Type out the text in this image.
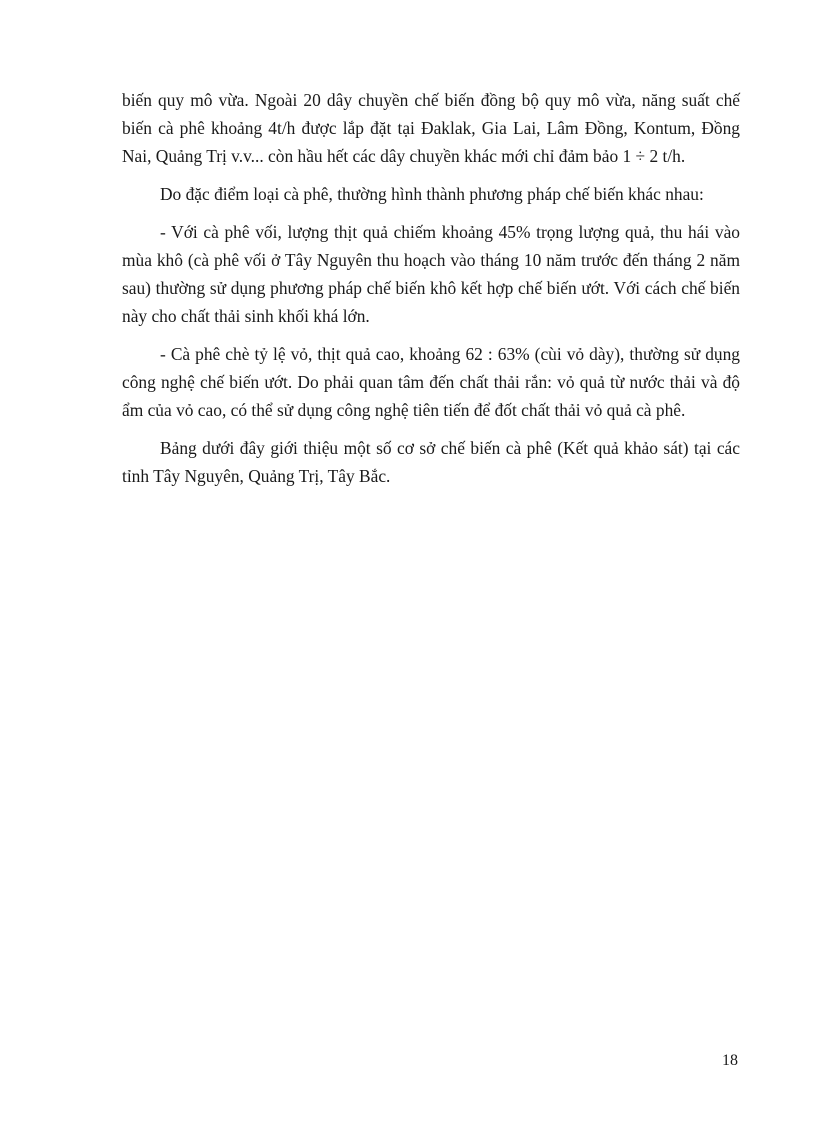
biến quy mô vừa. Ngoài 20 dây chuyền chế biến đồng bộ quy mô vừa, năng suất chế biến cà phê khoảng 4t/h được lắp đặt tại Đaklak, Gia Lai, Lâm Đồng, Kontum, Đồng Nai, Quảng Trị v.v... còn hầu hết các dây chuyền khác mới chỉ đảm bảo 1 ÷ 2 t/h.

Do đặc điểm loại cà phê, thường hình thành phương pháp chế biến khác nhau:

- Với cà phê vối, lượng thịt quả chiếm khoảng 45% trọng lượng quả, thu hái vào mùa khô (cà phê vối ở Tây Nguyên thu hoạch vào tháng 10 năm trước đến tháng 2 năm sau) thường sử dụng phương pháp chế biến khô kết hợp chế biến ướt. Với cách chế biến này cho chất thải sinh khối khá lớn.

- Cà phê chè tỷ lệ vỏ, thịt quả cao, khoảng 62 : 63% (cùi vỏ dày), thường sử dụng công nghệ chế biến ướt. Do phải quan tâm đến chất thải rắn: vỏ quả từ nước thải và độ ẩm của vỏ cao, có thể sử dụng công nghệ tiên tiến để đốt chất thải vỏ quả cà phê.

Bảng dưới đây giới thiệu một số cơ sở chế biến cà phê (Kết quả khảo sát) tại các tỉnh Tây Nguyên, Quảng Trị, Tây Bắc.

18
